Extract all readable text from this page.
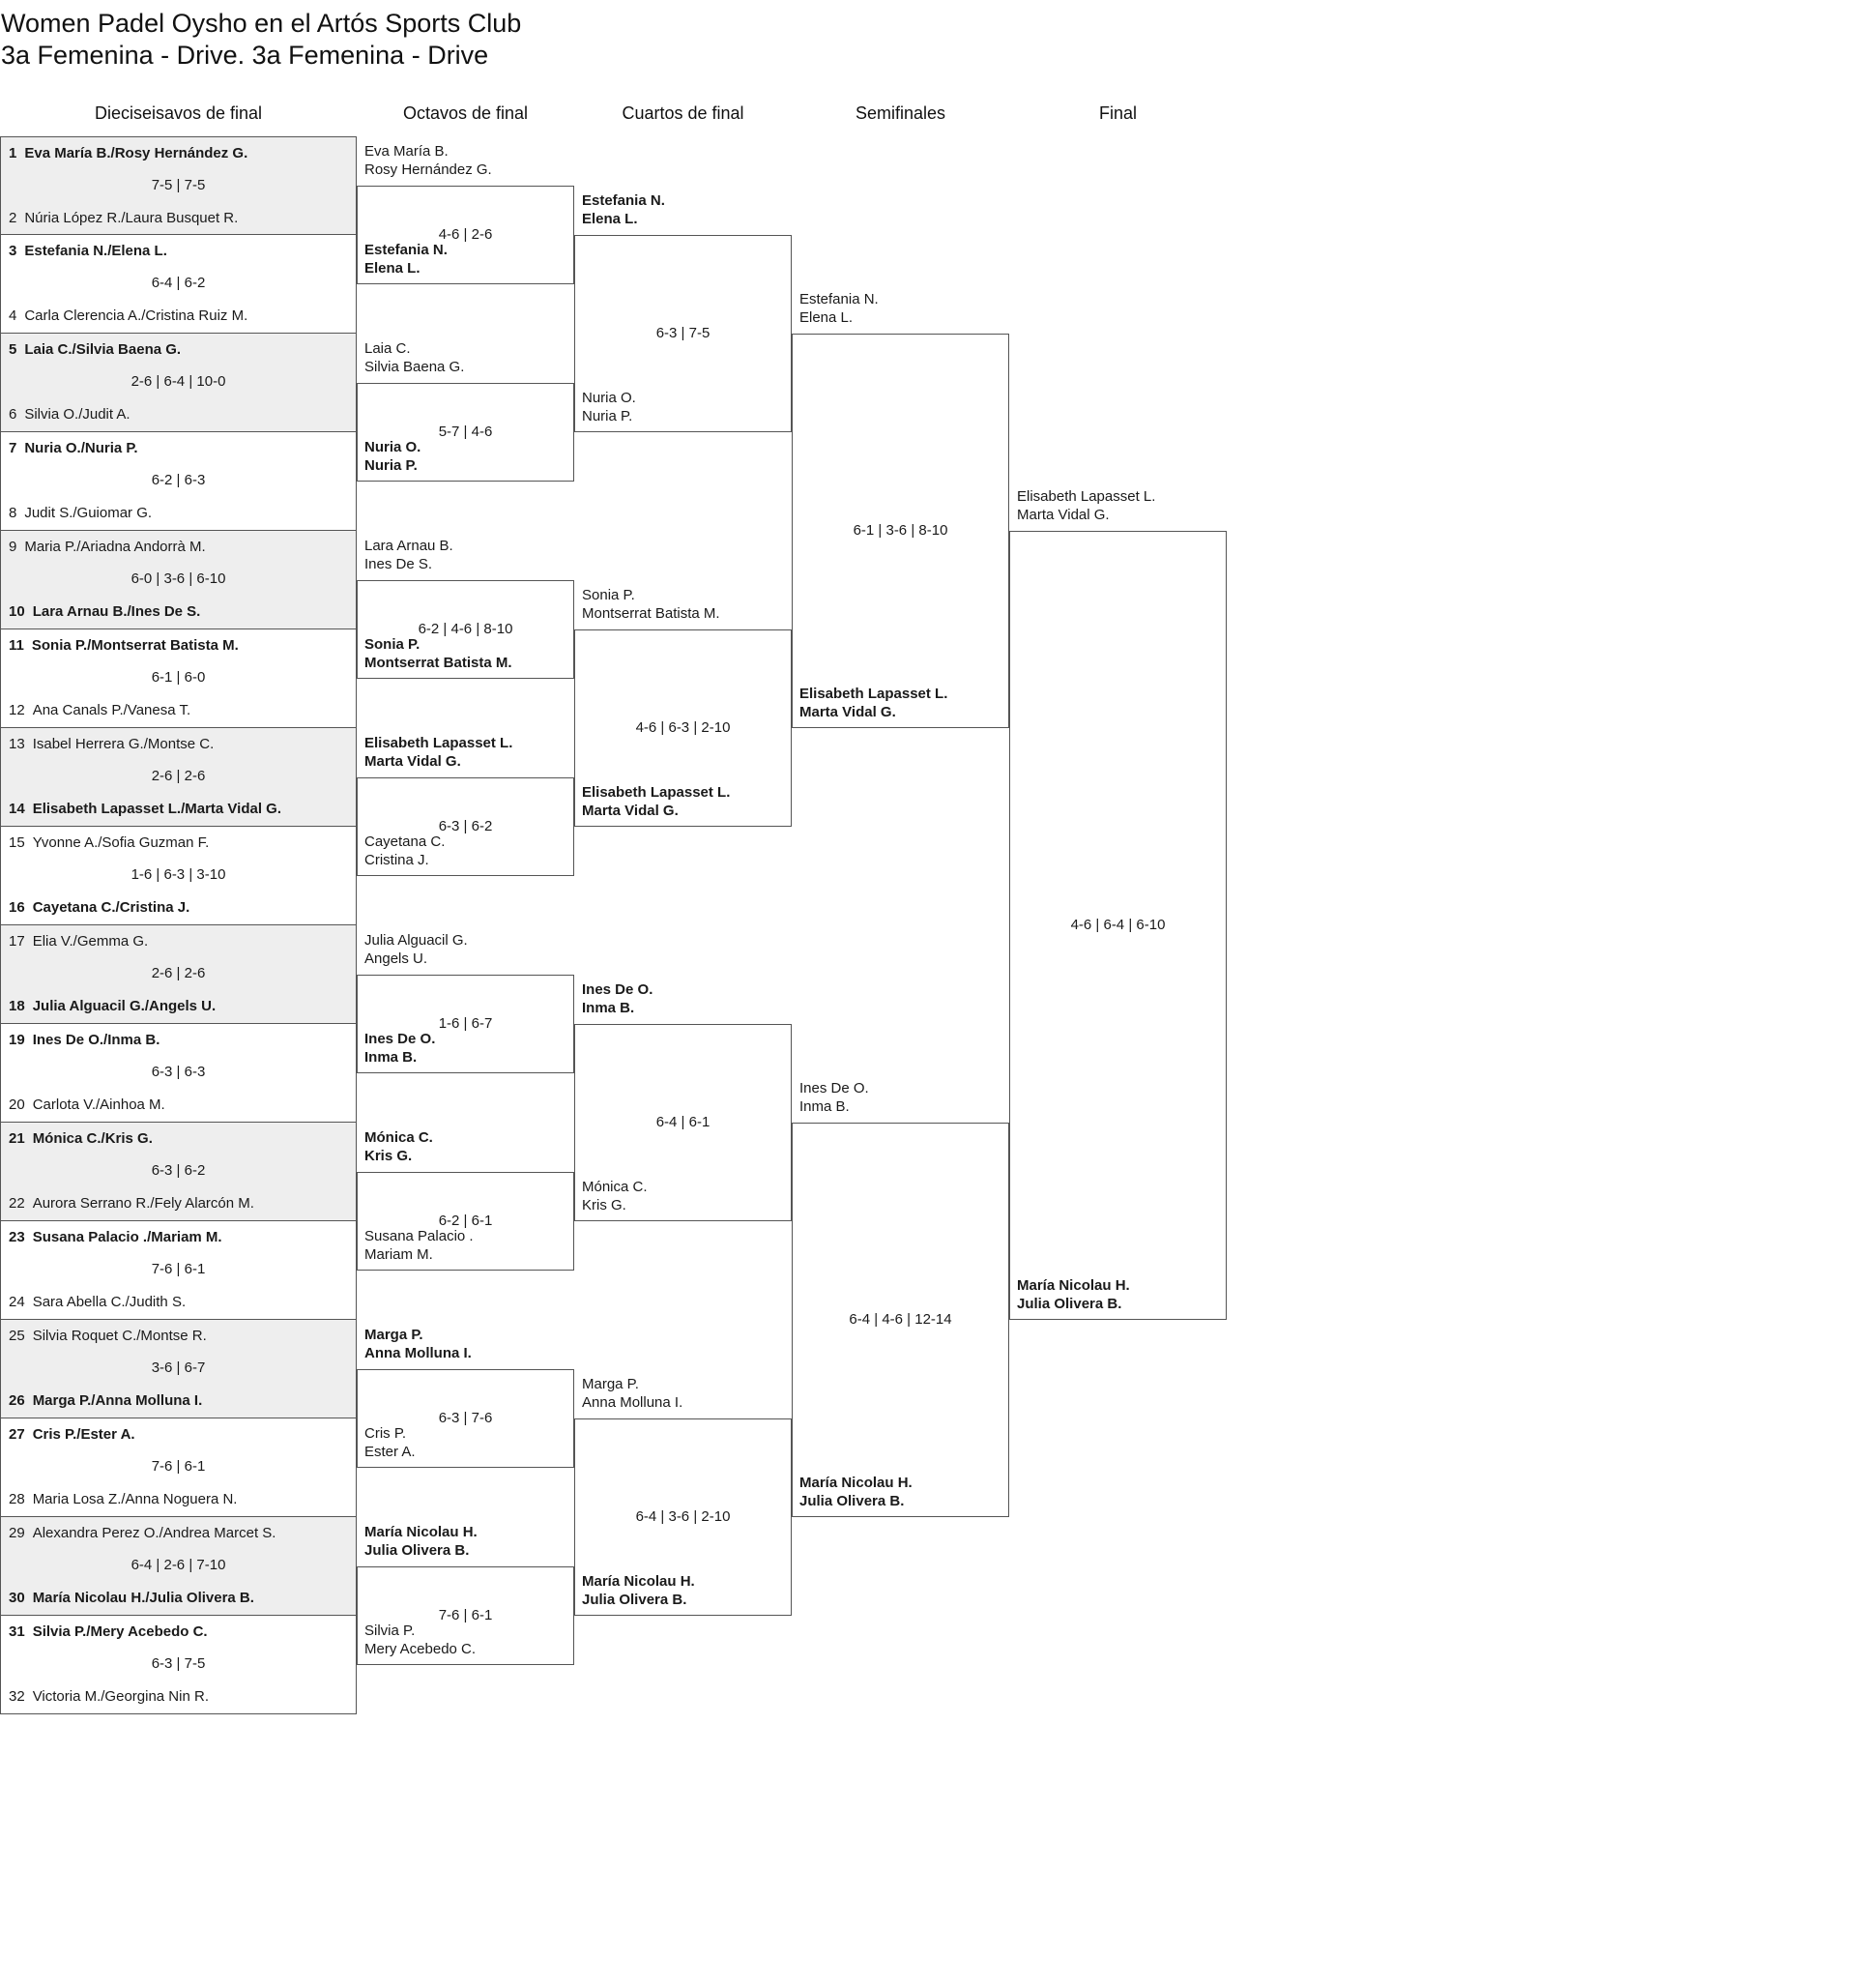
Women Padel Oysho en el Artós Sports Club
3a Femenina - Drive. 3a Femenina - Drive
Dieciseisavos de final	Octavos de final	Cuartos de final	Semifinales	Final
1 Eva María B./Rosy Hernández G.
7-5 | 7-5
2 Núria López R./Laura Busquet R.
3 Estefania N./Elena L.
6-4 | 6-2
4 Carla Clerencia A./Cristina Ruiz M.
5 Laia C./Silvia Baena G.
2-6 | 6-4 | 10-0
6 Silvia O./Judit A.
7 Nuria O./Nuria P.
6-2 | 6-3
8 Judit S./Guiomar G.
9 Maria P./Ariadna Andorrà M.
6-0 | 3-6 | 6-10
10 Lara Arnau B./Ines De S.
11 Sonia P./Montserrat Batista M.
6-1 | 6-0
12 Ana Canals P./Vanesa T.
13 Isabel Herrera G./Montse C.
2-6 | 2-6
14 Elisabeth Lapasset L./Marta Vidal G.
15 Yvonne A./Sofia Guzman F.
1-6 | 6-3 | 3-10
16 Cayetana C./Cristina J.
17 Elia V./Gemma G.
2-6 | 2-6
18 Julia Alguacil G./Angels U.
19 Ines De O./Inma B.
6-3 | 6-3
20 Carlota V./Ainhoa M.
21 Mónica C./Kris G.
6-3 | 6-2
22 Aurora Serrano R./Fely Alarcón M.
23 Susana Palacio ./Mariam M.
7-6 | 6-1
24 Sara Abella C./Judith S.
25 Silvia Roquet C./Montse R.
3-6 | 6-7
26 Marga P./Anna Molluna I.
27 Cris P./Ester A.
7-6 | 6-1
28 Maria Losa Z./Anna Noguera N.
29 Alexandra Perez O./Andrea Marcet S.
6-4 | 2-6 | 7-10
30 María Nicolau H./Julia Olivera B.
31 Silvia P./Mery Acebedo C.
6-3 | 7-5
32 Victoria M./Georgina Nin R.
Eva María B.
Rosy Hernández G.
4-6 | 2-6
Estefania N.
Elena L.
Laia C.
Silvia Baena G.
5-7 | 4-6
Nuria O.
Nuria P.
Lara Arnau B.
Ines De S.
6-2 | 4-6 | 8-10
Sonia P.
Montserrat Batista M.
Elisabeth Lapasset L.
Marta Vidal G.
6-3 | 6-2
Cayetana C.
Cristina J.
Julia Alguacil G.
Angels U.
1-6 | 6-7
Ines De O.
Inma B.
Mónica C.
Kris G.
6-2 | 6-1
Susana Palacio .
Mariam M.
Marga P.
Anna Molluna I.
6-3 | 7-6
Cris P.
Ester A.
María Nicolau H.
Julia Olivera B.
7-6 | 6-1
Silvia P.
Mery Acebedo C.
Estefania N.
Elena L.
6-3 | 7-5
Nuria O.
Nuria P.
Sonia P.
Montserrat Batista M.
4-6 | 6-3 | 2-10
Elisabeth Lapasset L.
Marta Vidal G.
Ines De O.
Inma B.
6-4 | 6-1
Mónica C.
Kris G.
Marga P.
Anna Molluna I.
6-4 | 3-6 | 2-10
María Nicolau H.
Julia Olivera B.
Estefania N.
Elena L.
6-1 | 3-6 | 8-10
Elisabeth Lapasset L.
Marta Vidal G.
Ines De O.
Inma B.
6-4 | 4-6 | 12-14
María Nicolau H.
Julia Olivera B.
Elisabeth Lapasset L.
Marta Vidal G.
4-6 | 6-4 | 6-10
María Nicolau H.
Julia Olivera B.
